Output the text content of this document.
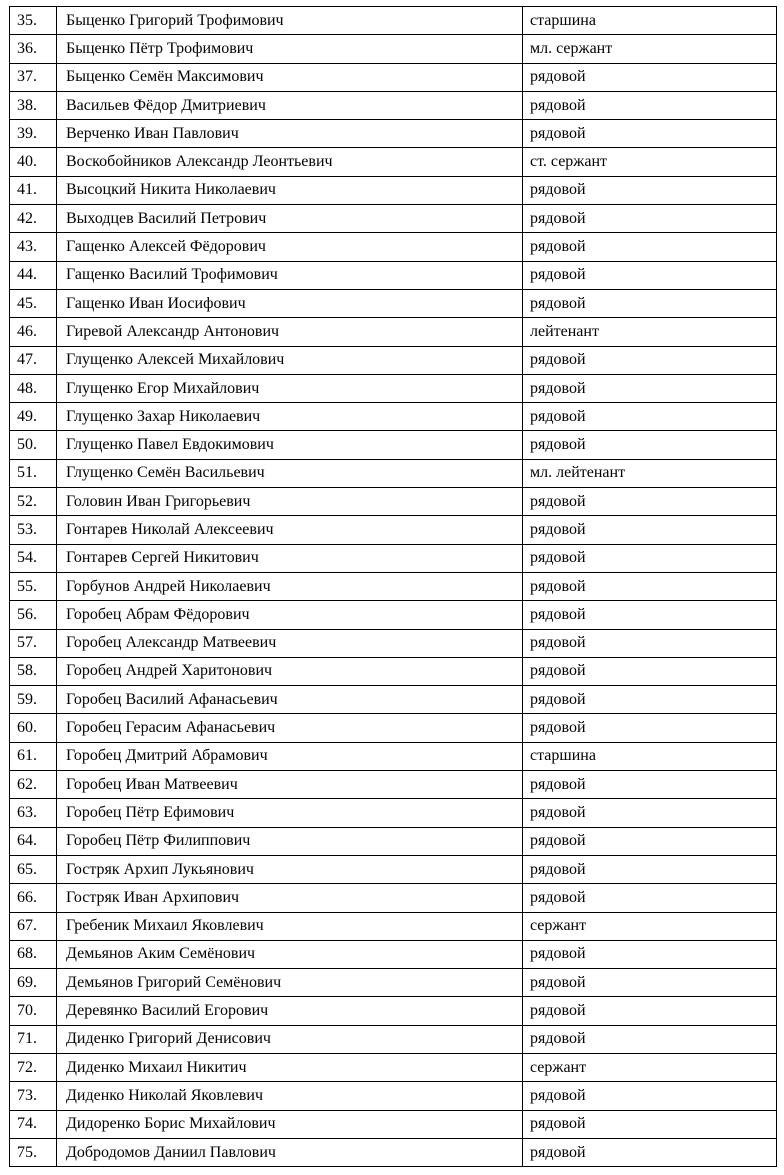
35.	Быценко Григорий Трофимович	старшина
36.	Быценко Пётр Трофимович	мл. сержант
37.	Быценко Семён Максимович	рядовой
38.	Васильев Фёдор Дмитриевич	рядовой
39.	Верченко Иван Павлович	рядовой
40.	Воскобойников Александр Леонтьевич	ст. сержант
41.	Высоцкий Никита Николаевич	рядовой
42.	Выходцев Василий Петрович	рядовой
43.	Гащенко Алексей Фёдорович	рядовой
44.	Гащенко Василий Трофимович	рядовой
45.	Гащенко Иван Иосифович	рядовой
46.	Гиревой Александр Антонович	лейтенант
47.	Глущенко Алексей Михайлович	рядовой
48.	Глущенко Егор Михайлович	рядовой
49.	Глущенко Захар Николаевич	рядовой
50.	Глущенко Павел Евдокимович	рядовой
51.	Глущенко Семён Васильевич	мл. лейтенант
52.	Головин Иван Григорьевич	рядовой
53.	Гонтарев Николай Алексеевич	рядовой
54.	Гонтарев Сергей Никитович	рядовой
55.	Горбунов Андрей Николаевич	рядовой
56.	Горобец Абрам Фёдорович	рядовой
57.	Горобец Александр Матвеевич	рядовой
58.	Горобец Андрей Харитонович	рядовой
59.	Горобец Василий Афанасьевич	рядовой
60.	Горобец Герасим Афанасьевич	рядовой
61.	Горобец Дмитрий Абрамович	старшина
62.	Горобец Иван Матвеевич	рядовой
63.	Горобец Пётр Ефимович	рядовой
64.	Горобец Пётр Филиппович	рядовой
65.	Гостряк Архип Лукьянович	рядовой
66.	Гостряк Иван Архипович	рядовой
67.	Гребеник Михаил Яковлевич	сержант
68.	Демьянов Аким Семёнович	рядовой
69.	Демьянов Григорий Семёнович	рядовой
70.	Деревянко Василий Егорович	рядовой
71.	Диденко Григорий Денисович	рядовой
72.	Диденко Михаил Никитич	сержант
73.	Диденко Николай Яковлевич	рядовой
74.	Дидоренко Борис Михайлович	рядовой
75.	Добродомов Даниил Павлович	рядовой
